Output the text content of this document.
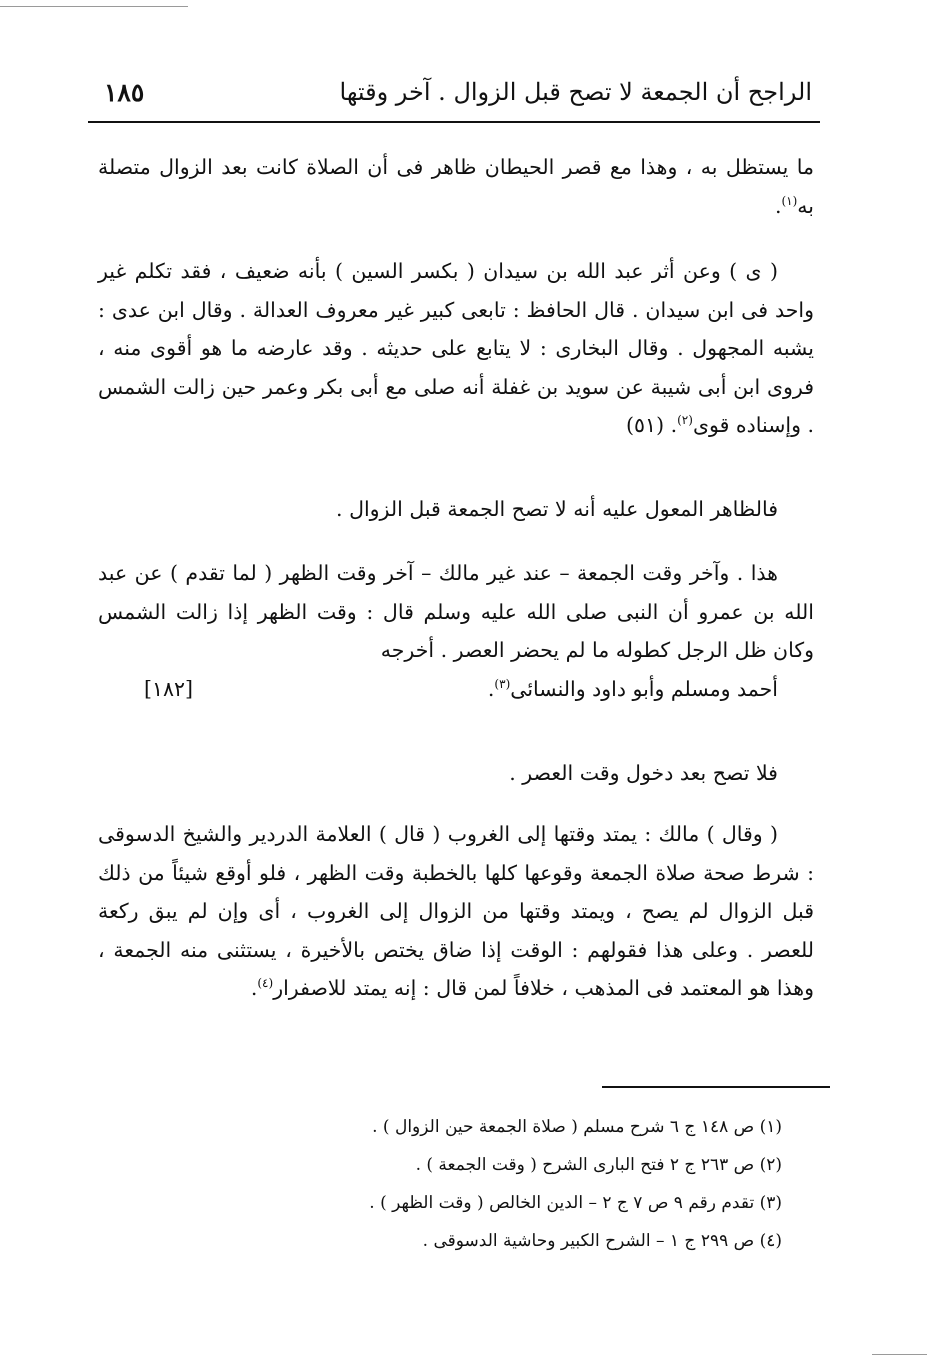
١٨٥	الراجح أن الجمعة لا تصح قبل الزوال . آخر وقتها
ما يستظل به ، وهذا مع قصر الحيطان ظاهر فى أن الصلاة كانت بعد الزوال متصلة به$^{(١)}$.
( ى ) وعن أثر عبد الله بن سيدان ( بكسر السين ) بأنه ضعيف ، فقد تكلم غير واحد فى ابن سيدان . قال الحافظ : تابعى كبير غير معروف العدالة . وقال ابن عدى : يشبه المجهول . وقال البخارى : لا يتابع على حديثه . وقد عارضه ما هو أقوى منه ، فروى ابن أبى شيبة عن سويد بن غفلة أنه صلى مع أبى بكر وعمر حين زالت الشمس . وإسناده قوى$^{(٢)}$. (٥١)
فالظاهر المعول عليه أنه لا تصح الجمعة قبل الزوال .
هذا . وآخر وقت الجمعة – عند غير مالك – آخر وقت الظهر ( لما تقدم ) عن عبد الله بن عمرو أن النبى صلى الله عليه وسلم قال : وقت الظهر إذا زالت الشمس وكان ظل الرجل كطوله ما لم يحضر العصر . أخرجه
أحمد ومسلم وأبو داود والنسائى$^{(٣)}$.
[١٨٢]
فلا تصح بعد دخول وقت العصر .
( وقال ) مالك : يمتد وقتها إلى الغروب ( قال ) العلامة الدردير والشيخ الدسوقى : شرط صحة صلاة الجمعة وقوعها كلها بالخطبة وقت الظهر ، فلو أوقع شيئاً من ذلك قبل الزوال لم يصح ، ويمتد وقتها من الزوال إلى الغروب ، أى وإن لم يبق ركعة للعصر . وعلى هذا فقولهم : الوقت إذا ضاق يختص بالأخيرة ، يستثنى منه الجمعة ، وهذا هو المعتمد فى المذهب ، خلافاً لمن قال : إنه يمتد للاصفرار$^{(٤)}$.
(١) ص ١٤٨ ج ٦ شرح مسلم ( صلاة الجمعة حين الزوال ) .
(٢) ص ٢٦٣ ج ٢ فتح البارى الشرح ( وقت الجمعة ) .
(٣) تقدم رقم ٩ ص ٧ ج ٢ – الدين الخالص ( وقت الظهر ) .
(٤) ص ٢٩٩ ج ١ – الشرح الكبير وحاشية الدسوقى .
